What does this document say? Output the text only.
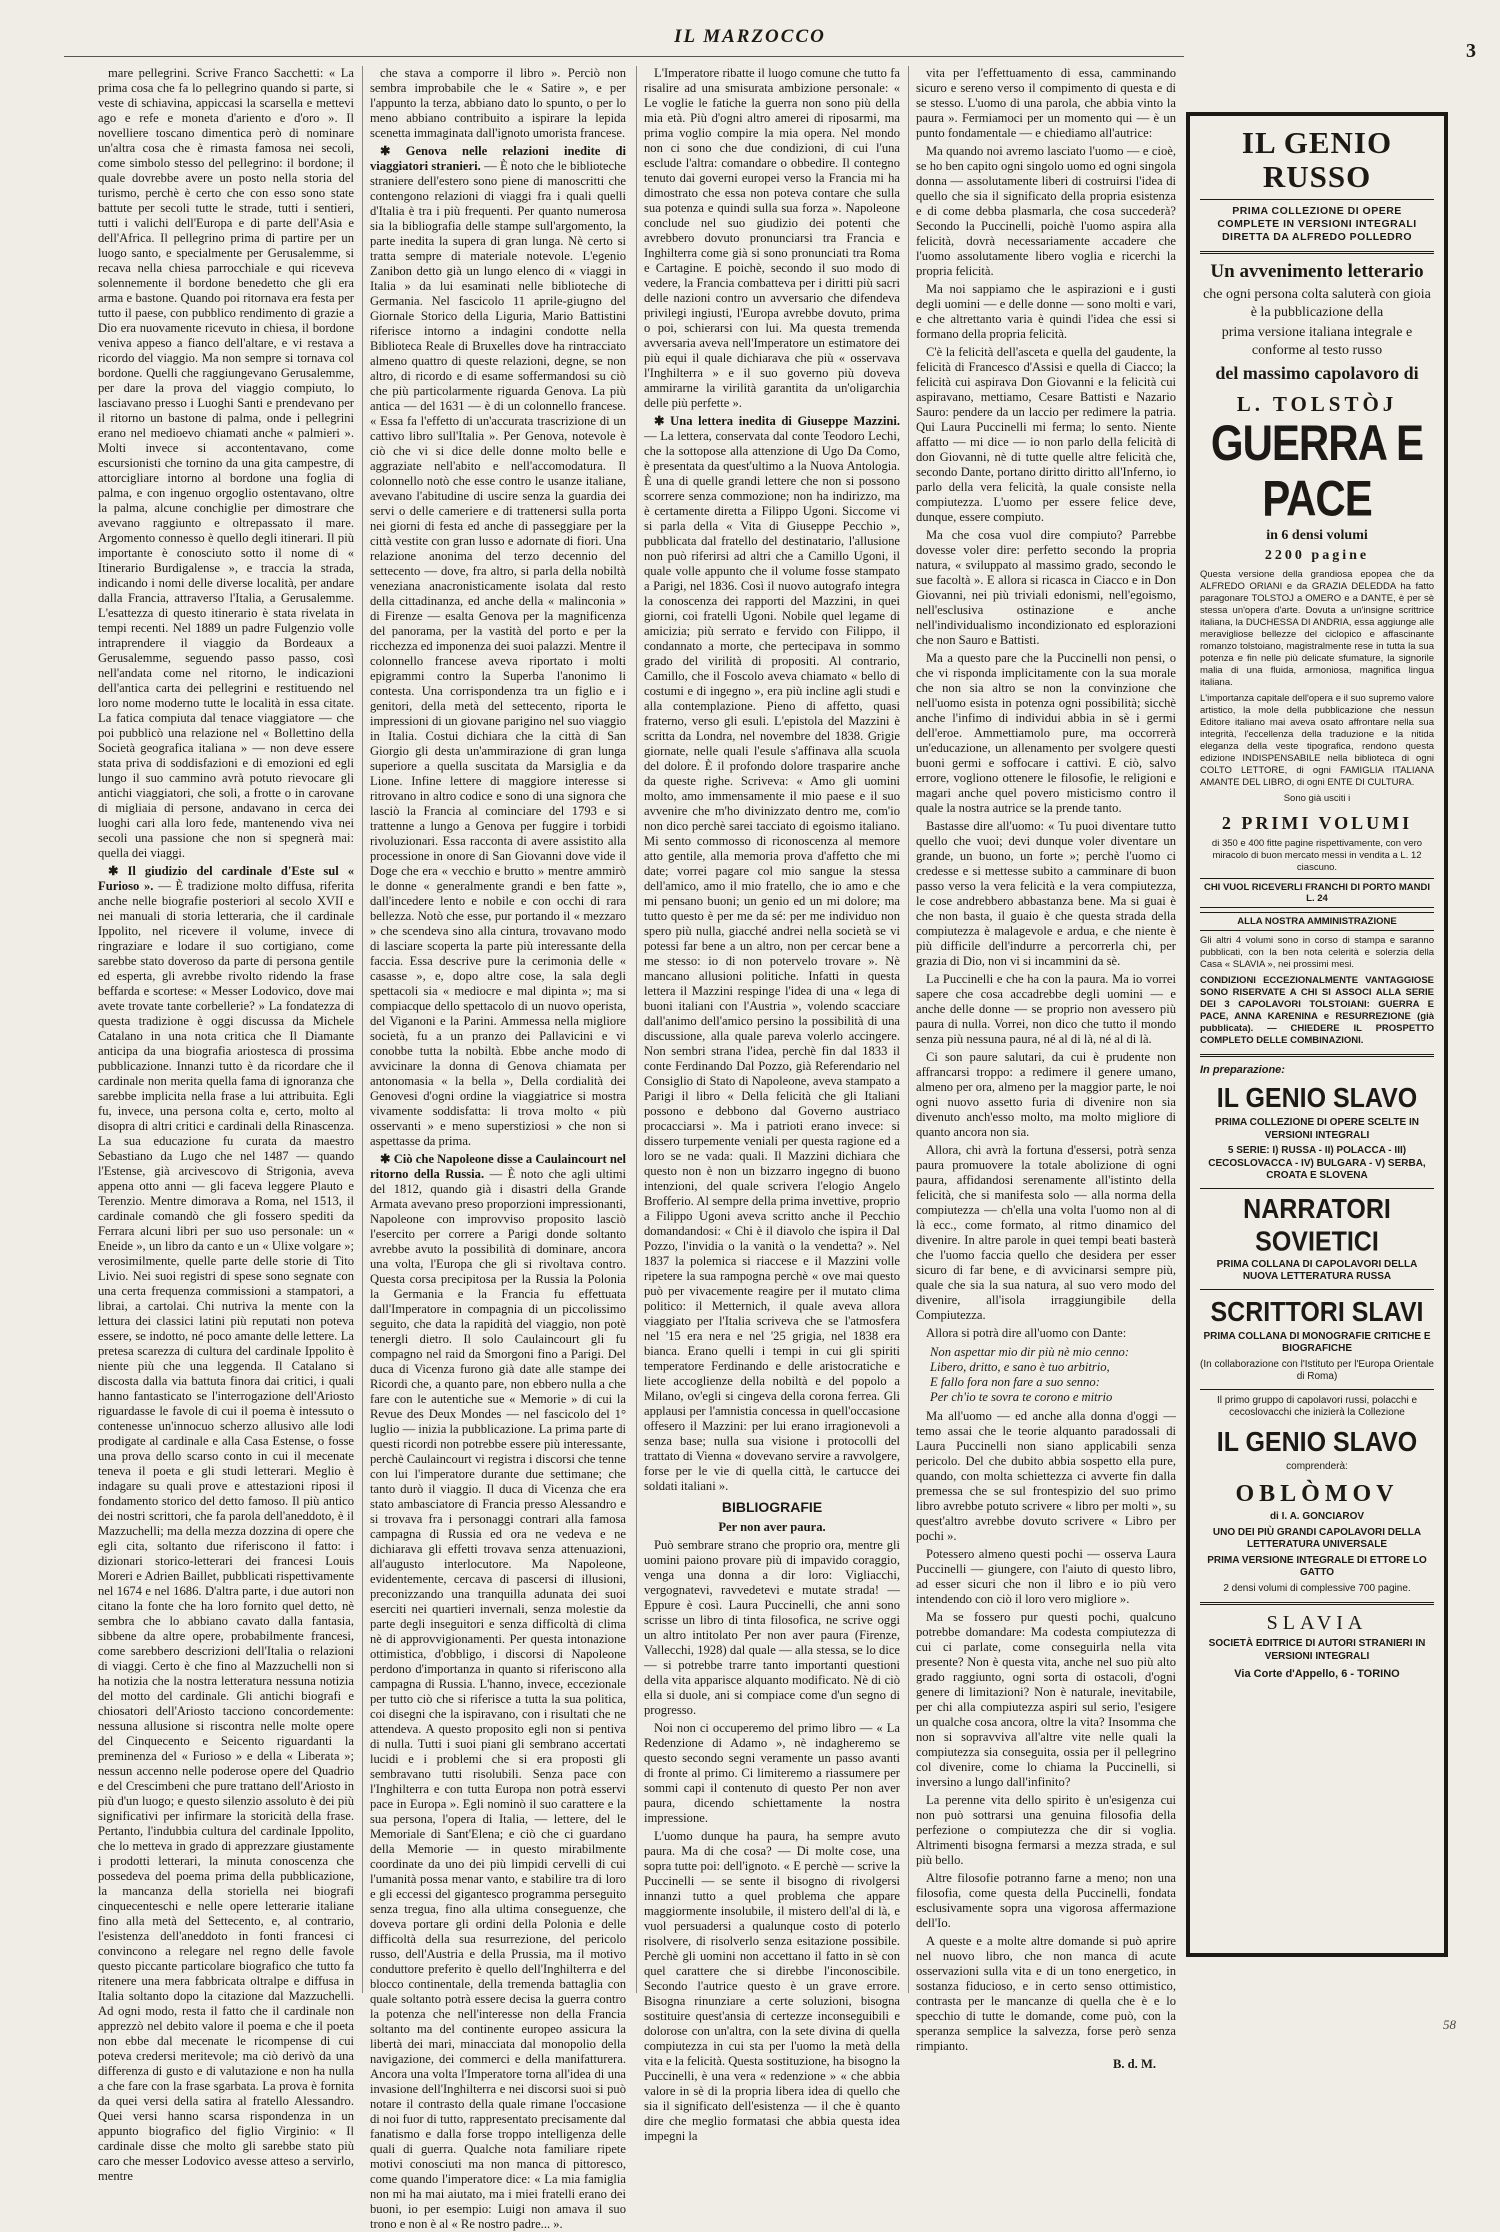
IL MARZOCCO
3

mare pellegrini. Scrive Franco Sacchetti: « La prima cosa che fa lo pellegrino quando si parte, si veste di schiavina, appiccasi la scarsella e mettevi ago e refe e moneta d'ariento e d'oro ». Il novelliere toscano dimentica però di nominare un'altra cosa che è rimasta famosa nei secoli, come simbolo stesso del pellegrino: il bordone; il quale dovrebbe avere un posto nella storia del turismo, perchè è certo che con esso sono state battute per secoli tutte le strade, tutti i sentieri, tutti i valichi dell'Europa e di parte dell'Asia e dell'Africa. Il pellegrino prima di partire per un luogo santo, e specialmente per Gerusalemme, si recava nella chiesa parrocchiale e qui riceveva solennemente il bordone benedetto che gli era arma e bastone. Quando poi ritornava era festa per tutto il paese, con pubblico rendimento di grazie a Dio era nuovamente ricevuto in chiesa, il bordone veniva appeso a fianco dell'altare, e vi restava a ricordo del viaggio. Ma non sempre si tornava col bordone. Quelli che raggiungevano Gerusalemme, per dare la prova del viaggio compiuto, lo lasciavano presso i Luoghi Santi e prendevano per il ritorno un bastone di palma, onde i pellegrini erano nel medioevo chiamati anche « palmieri ». Molti invece si accontentavano, come escursionisti che tornino da una gita campestre, di attorcigliare intorno al bordone una foglia di palma, e con ingenuo orgoglio ostentavano, oltre la palma, alcune conchiglie per dimostrare che avevano raggiunto e oltrepassato il mare. Argomento connesso è quello degli itinerari. Il più importante è conosciuto sotto il nome di « Itinerario Burdigalense », e traccia la strada, indicando i nomi delle diverse località, per andare dalla Francia, attraverso l'Italia, a Gerusalemme. L'esattezza di questo itinerario è stata rivelata in tempi recenti. Nel 1889 un padre Fulgenzio volle intraprendere il viaggio da Bordeaux a Gerusalemme, seguendo passo passo, così nell'andata come nel ritorno, le indicazioni dell'antica carta dei pellegrini e restituendo nel loro nome moderno tutte le località in essa citate. La fatica compiuta dal tenace viaggiatore — che poi pubblicò una relazione nel « Bollettino della Società geografica italiana » — non deve essere stata priva di soddisfazioni e di emozioni ed egli lungo il suo cammino avrà potuto rievocare gli antichi viaggiatori, che soli, a frotte o in carovane di migliaia di persone, andavano in cerca dei luoghi cari alla loro fede, mantenendo viva nei secoli una passione che non si spegnerà mai: quella dei viaggi.

✱ Il giudizio del cardinale d'Este sul « Furioso ». — È tradizione molto diffusa, riferita anche nelle biografie posteriori al secolo XVII e nei manuali di storia letteraria, che il cardinale Ippolito, nel ricevere il volume, invece di ringraziare e lodare il suo cortigiano, come sarebbe stato doveroso da parte di persona gentile ed esperta, gli avrebbe rivolto ridendo la frase beffarda e scortese: « Messer Lodovico, dove mai avete trovate tante corbellerie? » La fondatezza di questa tradizione è oggi discussa da Michele Catalano in una nota critica che Il Diamante anticipa da una biografia ariostesca di prossima pubblicazione. Innanzi tutto è da ricordare che il cardinale non merita quella fama di ignoranza che sarebbe implicita nella frase a lui attribuita. Egli fu, invece, una persona colta e, certo, molto al disopra di altri critici e cardinali della Rinascenza. La sua educazione fu curata da maestro Sebastiano da Lugo che nel 1487 — quando l'Estense, già arcivescovo di Strigonia, aveva appena otto anni — gli faceva leggere Plauto e Terenzio. Mentre dimorava a Roma, nel 1513, il cardinale comandò che gli fossero spediti da Ferrara alcuni libri per suo uso personale: un « Eneide », un libro da canto e un « Ulixe volgare »; verosimilmente, quelle parte delle storie di Tito Livio. Nei suoi registri di spese sono segnate con una certa frequenza commissioni a stampatori, a librai, a cartolai. Chi nutriva la mente con la lettura dei classici latini più reputati non poteva essere, se indotto, né poco amante delle lettere. La pretesa scarezza di cultura del cardinale Ippolito è niente più che una leggenda. Il Catalano si discosta dalla via battuta finora dai critici, i quali hanno fantasticato se l'interrogazione dell'Ariosto riguardasse le favole di cui il poema è intessuto o contenesse un'innocuo scherzo allusivo alle lodi prodigate al cardinale e alla Casa Estense, o fosse una prova dello scarso conto in cui il mecenate teneva il poeta e gli studi letterari. Meglio è indagare su quali prove e attestazioni riposi il fondamento storico del detto famoso. Il più antico dei nostri scrittori, che fa parola dell'aneddoto, è il Mazzuchelli; ma della mezza dozzina di opere che egli cita, soltanto due riferiscono il fatto: i dizionari storico-letterari dei francesi Louis Moreri e Adrien Baillet, pubblicati rispettivamente nel 1674 e nel 1686. D'altra parte, i due autori non citano la fonte che ha loro fornito quel detto, nè sembra che lo abbiano cavato dalla fantasia, sibbene da altre opere, probabilmente francesi, come sarebbero descrizioni dell'Italia o relazioni di viaggi. Certo è che fino al Mazzuchelli non si ha notizia che la nostra letteratura nessuna notizia del motto del cardinale. Gli antichi biografi e chiosatori dell'Ariosto tacciono concordemente: nessuna allusione si riscontra nelle molte opere del Cinquecento e Seicento riguardanti la preminenza del « Furioso » e della « Liberata »; nessun accenno nelle poderose opere del Quadrio e del Crescimbeni che pure trattano dell'Ariosto in più d'un luogo; e questo silenzio assoluto è dei più significativi per infirmare la storicità della frase. Pertanto, l'indubbia cultura del cardinale Ippolito, che lo metteva in grado di apprezzare giustamente i prodotti letterari, la minuta conoscenza che possedeva del poema prima della pubblicazione, la mancanza della storiella nei biografi cinquecenteschi e nelle opere letterarie italiane fino alla metà del Settecento, e, al contrario, l'esistenza dell'aneddoto in fonti francesi ci convincono a relegare nel regno delle favole questo piccante particolare biografico che tutto fa ritenere una mera fabbricata oltralpe e diffusa in Italia soltanto dopo la citazione dal Mazzuchelli. Ad ogni modo, resta il fatto che il cardinale non apprezzò nel debito valore il poema e che il poeta non ebbe dal mecenate le ricompense di cui poteva credersi meritevole; ma ciò derivò da una differenza di gusto e di valutazione e non ha nulla a che fare con la frase sgarbata. La prova è fornita da quei versi della satira al fratello Alessandro. Quei versi hanno scarsa rispondenza in un appunto biografico del figlio Virginio: « Il cardinale disse che molto gli sarebbe stato più caro che messer Lodovico avesse atteso a servirlo, mentre

che stava a comporre il libro ». Perciò non sembra improbabile che le « Satire », e per l'appunto la terza, abbiano dato lo spunto, o per lo meno abbiano contribuito a ispirare la lepida scenetta immaginata dall'ignoto umorista francese.

✱ Genova nelle relazioni inedite di viaggiatori stranieri. — È noto che le biblioteche straniere dell'estero sono piene di manoscritti che contengono relazioni di viaggi fra i quali quelli d'Italia è tra i più frequenti. Per quanto numerosa sia la bibliografia delle stampe sull'argomento, la parte inedita la supera di gran lunga. Nè certo si tratta sempre di materiale notevole. L'egenio Zanibon detto già un lungo elenco di « viaggi in Italia » da lui esaminati nelle biblioteche di Germania. Nel fascicolo 11 aprile-giugno del Giornale Storico della Liguria, Mario Battistini riferisce intorno a indagini condotte nella Biblioteca Reale di Bruxelles dove ha rintracciato almeno quattro di queste relazioni, degne, se non altro, di ricordo e di esame soffermandosi su ciò che più particolarmente riguarda Genova. La più antica — del 1631 — è di un colonnello francese. « Essa fa l'effetto di un'accurata trascrizione di un cattivo libro sull'Italia ». Per Genova, notevole è ciò che vi si dice delle donne molto belle e aggraziate nell'abito e nell'accomodatura. Il colonnello notò che esse contro le usanze italiane, avevano l'abitudine di uscire senza la guardia dei servi o delle cameriere e di trattenersi sulla porta nei giorni di festa ed anche di passeggiare per la città vestite con gran lusso e adornate di fiori. Una relazione anonima del terzo decennio del settecento — dove, fra altro, si parla della nobiltà veneziana anacronisticamente isolata dal resto della cittadinanza, ed anche della « malinconia » di Firenze — esalta Genova per la magnificenza del panorama, per la vastità del porto e per la ricchezza ed imponenza dei suoi palazzi. Mentre il colonnello francese aveva riportato i molti epigrammi contro la Superba l'anonimo li contesta. Una corrispondenza tra un figlio e i genitori, della metà del settecento, riporta le impressioni di un giovane parigino nel suo viaggio in Italia. Costui dichiara che la città di San Giorgio gli desta un'ammirazione di gran lunga superiore a quella suscitata da Marsiglia e da Lione. Infine lettere di maggiore interesse si ritrovano in altro codice e sono di una signora che lasciò la Francia al cominciare del 1793 e si trattenne a lungo a Genova per fuggire i torbidi rivoluzionari. Essa racconta di avere assistito alla processione in onore di San Giovanni dove vide il Doge che era « vecchio e brutto » mentre ammirò le donne « generalmente grandi e ben fatte », dall'incedere lento e nobile e con occhi di rara bellezza. Notò che esse, pur portando il « mezzaro » che scendeva sino alla cintura, trovavano modo di lasciare scoperta la parte più interessante della faccia. Essa descrive pure la cerimonia delle « casasse », e, dopo altre cose, la sala degli spettacoli sia « mediocre e mal dipinta »; ma si compiacque dello spettacolo di un nuovo operista, del Viganoni e la Parini. Ammessa nella migliore società, fu a un pranzo dei Pallavicini e vi conobbe tutta la nobiltà. Ebbe anche modo di avvicinare la donna di Genova chiamata per antonomasia « la bella », Della cordialità dei Genovesi d'ogni ordine la viaggiatrice si mostra vivamente soddisfatta: li trova molto « più osservanti » e meno superstiziosi » che non si aspettasse da prima.

✱ Ciò che Napoleone disse a Caulaincourt nel ritorno della Russia. — È noto che agli ultimi del 1812, quando già i disastri della Grande Armata avevano preso proporzioni impressionanti, Napoleone con improvviso proposito lasciò l'esercito per correre a Parigi donde soltanto avrebbe avuto la possibilità di dominare, ancora una volta, l'Europa che gli si rivoltava contro. Questa corsa precipitosa per la Russia la Polonia la Germania e la Francia fu effettuata dall'Imperatore in compagnia di un piccolissimo seguito, che data la rapidità del viaggio, non potè tenergli dietro. Il solo Caulaincourt gli fu compagno nel raid da Smorgoni fino a Parigi. Del duca di Vicenza furono già date alle stampe dei Ricordi che, a quanto pare, non ebbero nulla a che fare con le autentiche sue « Memorie » di cui la Revue des Deux Mondes — nel fascicolo del 1° luglio — inizia la pubblicazione. La prima parte di questi ricordi non potrebbe essere più interessante, perchè Caulaincourt vi registra i discorsi che tenne con lui l'imperatore durante due settimane; che tanto durò il viaggio. Il duca di Vicenza che era stato ambasciatore di Francia presso Alessandro e si trovava fra i personaggi contrari alla famosa campagna di Russia ed ora ne vedeva e ne dichiarava gli effetti trovava senza attenuazioni, all'augusto interlocutore. Ma Napoleone, evidentemente, cercava di pascersi di illusioni, preconizzando una tranquilla adunata dei suoi eserciti nei quartieri invernali, senza molestie da parte degli inseguitori e senza difficoltà di clima nè di approvvigionamenti. Per questa intonazione ottimistica, d'obbligo, i discorsi di Napoleone perdono d'importanza in quanto si riferiscono alla campagna di Russia. L'hanno, invece, eccezionale per tutto ciò che si riferisce a tutta la sua politica, coi disegni che la ispiravano, con i risultati che ne attendeva. A questo proposito egli non si pentiva di nulla. Tutti i suoi piani gli sembrano accertati lucidi e i problemi che si era proposti gli sembravano tutti risolubili. Senza pace con l'Inghilterra e con tutta Europa non potrà esservi pace in Europa ». Egli nominò il suo carattere e la sua persona, l'opera di Italia, — lettere, del le Memoriale di Sant'Elena; e ciò che ci guardano della Memorie — in questo mirabilmente coordinate da uno dei più limpidi cervelli di cui l'umanità possa menar vanto, e stabilire tra di loro e gli eccessi del gigantesco programma perseguito senza tregua, fino alla ultima conseguenze, che doveva portare gli ordini della Polonia e delle difficoltà della sua resurrezione, del pericolo russo, dell'Austria e della Prussia, ma il motivo conduttore preferito è quello dell'Inghilterra e del blocco continentale, della tremenda battaglia con quale soltanto potrà essere decisa la guerra contro la potenza che nell'interesse non della Francia soltanto ma del continente europeo assicura la libertà dei mari, minacciata dal monopolio della navigazione, dei commerci e della manifatturera. Ancora una volta l'Imperatore torna all'idea di una invasione dell'Inghilterra e nei discorsi suoi si può notare il contrasto della quale rimane l'occasione di noi fuor di tutto, rappresentato precisamente dal fanatismo e dalla forse troppo intelligenza delle quali di guerra. Qualche nota familiare ripete motivi conosciuti ma non manca di pittoresco, come quando l'imperatore dice: « La mia famiglia non mi ha mai aiutato, ma i miei fratelli erano dei buoni, io per esempio: Luigi non amava il suo trono e non è al « Re nostro padre... ».

L'Imperatore ribatte il luogo comune che tutto fa risalire ad una smisurata ambizione personale: « Le voglie le fatiche la guerra non sono più della mia età. Più d'ogni altro amerei di riposarmi, ma prima voglio compire la mia opera. Nel mondo non ci sono che due condizioni, di cui l'una esclude l'altra: comandare o obbedire. Il contegno tenuto dai governi europei verso la Francia mi ha dimostrato che essa non poteva contare che sulla sua potenza e quindi sulla sua forza ». Napoleone conclude nel suo giudizio dei potenti che avrebbero dovuto pronunciarsi tra Francia e Inghilterra come già si sono pronunciati tra Roma e Cartagine. E poichè, secondo il suo modo di vedere, la Francia combatteva per i diritti più sacri delle nazioni contro un avversario che difendeva privilegi ingiusti, l'Europa avrebbe dovuto, prima o poi, schierarsi con lui. Ma questa tremenda avversaria aveva nell'Imperatore un estimatore dei più equi il quale dichiarava che più « osservava l'Inghilterra » e il suo governo più doveva ammirarne la virilità garantita da un'oligarchia delle più perfette ».

✱ Una lettera inedita di Giuseppe Mazzini. — La lettera, conservata dal conte Teodoro Lechi, che la sottopose alla attenzione di Ugo Da Como, è presentata da quest'ultimo a la Nuova Antologia. È una di quelle grandi lettere che non si possono scorrere senza commozione; non ha indirizzo, ma è certamente diretta a Filippo Ugoni. Siccome vi si parla della « Vita di Giuseppe Pecchio », pubblicata dal fratello del destinatario, l'allusione non può riferirsi ad altri che a Camillo Ugoni, il quale volle appunto che il volume fosse stampato a Parigi, nel 1836. Così il nuovo autografo integra la conoscenza dei rapporti del Mazzini, in quei giorni, coi fratelli Ugoni. Nobile quel legame di amicizia; più serrato e fervido con Filippo, il condannato a morte, che pertecipava in sommo grado del virilità di propositi. Al contrario, Camillo, che il Foscolo aveva chiamato « bello di costumi e di ingegno », era più incline agli studi e alla contemplazione. Pieno di affetto, quasi fraterno, verso gli esuli. L'epistola del Mazzini è scritta da Londra, nel novembre del 1838. Grigie giornate, nelle quali l'esule s'affinava alla scuola del dolore. È il profondo dolore trasparire anche da queste righe. Scriveva: « Amo gli uomini molto, amo immensamente il mio paese e il suo avvenire che m'ho divinizzato dentro me, com'io non dico perchè sarei tacciato di egoismo italiano. Mi sento commosso di riconoscenza al memore atto gentile, alla memoria prova d'affetto che mi date; vorrei pagare col mio sangue la stessa dell'amico, amo il mio fratello, che io amo e che mi pensano buoni; un genio ed un mi dolore; ma tutto questo è per me da sé: per me individuo non spero più nulla, giacché andrei nella società se vi potessi far bene a un altro, non per cercar bene a me stesso: io di non potervelo trovare ». Nè mancano allusioni politiche. Infatti in questa lettera il Mazzini respinge l'idea di una « lega di buoni italiani con l'Austria », volendo scacciare dall'animo dell'amico persino la possibilità di una discussione, alla quale pareva volerlo accingere. Non sembri strana l'idea, perchè fin dal 1833 il conte Ferdinando Dal Pozzo, già Referendario nel Consiglio di Stato di Napoleone, aveva stampato a Parigi il libro « Della felicità che gli Italiani possono e debbono dal Governo austriaco procacciarsi ». Ma i patrioti erano invece: si dissero turpemente veniali per questa ragione ed a loro se ne vada: quali. Il Mazzini dichiara che questo non è non un bizzarro ingegno di buono intenzioni, del quale scrivera l'elogio Angelo Brofferio. Al sempre della prima invettive, proprio a Filippo Ugoni aveva scritto anche il Pecchio domandandosi: « Chi è il diavolo che ispira il Dal Pozzo, l'invidia o la vanità o la vendetta? ». Nel 1837 la polemica si riaccese e il Mazzini volle ripetere la sua rampogna perchè « ove mai questo può per vivacemente reagire per il mutato clima politico: il Metternich, il quale aveva allora viaggiato per l'Italia scriveva che se l'atmosfera nel '15 era nera e nel '25 grigia, nel 1838 era bianca. Erano quelli i tempi in cui gli spiriti temperatore Ferdinando e delle aristocratiche e liete accoglienze della nobiltà e del popolo a Milano, ov'egli si cingeva della corona ferrea. Gli applausi per l'amnistia concessa in quell'occasione offesero il Mazzini: per lui erano irragionevoli a senza base; nulla sua visione i protocolli del trattato di Vienna « dovevano servire a ravvolgere, forse per le vie di quella città, le cartucce dei soldati italiani ».

BIBLIOGRAFIE
Per non aver paura.

Può sembrare strano che proprio ora, mentre gli uomini paiono provare più di impavido coraggio, venga una donna a dir loro: Vigliacchi, vergognatevi, ravvedetevi e mutate strada! — Eppure è così. Laura Puccinelli, che anni sono scrisse un libro di tinta filosofica, ne scrive oggi un altro intitolato Per non aver paura (Firenze, Vallecchi, 1928) dal quale — alla stessa, se lo dice — si potrebbe trarre tanto importanti questioni della vita apparisce alquanto modificato. Nè di ciò ella si duole, ani si compiace come d'un segno di progresso.

Noi non ci occuperemo del primo libro — « La Redenzione di Adamo », nè indagheremo se questo secondo segni veramente un passo avanti di fronte al primo. Ci limiteremo a riassumere per sommi capi il contenuto di questo Per non aver paura, dicendo schiettamente la nostra impressione.

L'uomo dunque ha paura, ha sempre avuto paura. Ma di che cosa? — Di molte cose, una sopra tutte poi: dell'ignoto. « E perchè — scrive la Puccinelli — se sente il bisogno di rivolgersi innanzi tutto a quel problema che appare maggiormente insolubile, il mistero dell'al di là, e vuol persuadersi a qualunque costo di poterlo risolvere, di risolverlo senza esitazione possibile. Perchè gli uomini non accettano il fatto in sè con quel carattere che si direbbe l'inconoscibile. Secondo l'autrice questo è un grave errore. Bisogna rinunziare a certe soluzioni, bisogna sostituire quest'ansia di certezze inconseguibili e dolorose con un'altra, con la sete divina di quella compiutezza in cui sta per l'uomo la metà della vita e la felicità. Questa sostituzione, ha bisogno la Puccinelli, è una vera « redenzione » « che abbia valore in sè di la propria libera idea di quello che sia il significato dell'esistenza — il che è quanto dire che meglio formatasi che abbia questa idea impegni la

vita per l'effettuamento di essa, camminando sicuro e sereno verso il compimento di questa e di se stesso. L'uomo di una parola, che abbia vinto la paura ». Fermiamoci per un momento qui — è un punto fondamentale — e chiediamo all'autrice:

Ma quando noi avremo lasciato l'uomo — e cioè, se ho ben capito ogni singolo uomo ed ogni singola donna — assolutamente liberi di costruirsi l'idea di quello che sia il significato della propria esistenza e di come debba plasmarla, che cosa succederà? Secondo la Puccinelli, poichè l'uomo aspira alla felicità, dovrà necessariamente accadere che l'uomo assolutamente libero voglia e ricerchi la propria felicità.

Ma noi sappiamo che le aspirazioni e i gusti degli uomini — e delle donne — sono molti e vari, e che altrettanto varia è quindi l'idea che essi si formano della propria felicità.

C'è la felicità dell'asceta e quella del gaudente, la felicità di Francesco d'Assisi e quella di Ciacco; la felicità cui aspirava Don Giovanni e la felicità cui aspiravano, mettiamo, Cesare Battisti e Nazario Sauro: pendere da un laccio per redimere la patria. Qui Laura Puccinelli mi ferma; lo sento. Niente affatto — mi dice — io non parlo della felicità di don Giovanni, nè di tutte quelle altre felicità che, secondo Dante, portano diritto diritto all'Inferno, io parlo della vera felicità, la quale consiste nella compiutezza. L'uomo per essere felice deve, dunque, essere compiuto.

Ma che cosa vuol dire compiuto? Parrebbe dovesse voler dire: perfetto secondo la propria natura, « sviluppato al massimo grado, secondo le sue facoltà ». E allora si ricasca in Ciacco e in Don Giovanni, nei più triviali edonismi, nell'egoismo, nell'esclusiva ostinazione e anche nell'individualismo incondizionato ed esplorazioni che non Sauro e Battisti.

Ma a questo pare che la Puccinelli non pensi, o che vi risponda implicitamente con la sua morale che non sia altro se non la convinzione che nell'uomo esista in potenza ogni possibilità; sicchè anche l'infimo di individui abbia in sè i germi dell'eroe. Ammettiamolo pure, ma occorrerà un'educazione, un allenamento per svolgere questi buoni germi e soffocare i cattivi. E ciò, salvo errore, vogliono ottenere le filosofie, le religioni e magari anche quel povero misticismo contro il quale la nostra autrice se la prende tanto.

Bastasse dire all'uomo: « Tu puoi diventare tutto quello che vuoi; devi dunque voler diventare un grande, un buono, un forte »; perchè l'uomo ci credesse e si mettesse subito a camminare di buon passo verso la vera felicità e la vera compiutezza, le cose andrebbero abbastanza bene. Ma si guai è che non basta, il guaio è che questa strada della compiutezza è malagevole e ardua, e che niente è più difficile dell'indurre a percorrerla chi, per grazia di Dio, non vi si incammini da sè.

La Puccinelli e che ha con la paura. Ma io vorrei sapere che cosa accadrebbe degli uomini — e anche delle donne — se proprio non avessero più paura di nulla. Vorrei, non dico che tutto il mondo senza più nessuna paura, né al di là, né al di là.

Ci son paure salutari, da cui è prudente non affrancarsi troppo: a redimere il genere umano, almeno per ora, almeno per la maggior parte, le noi ogni nuovo assetto furia di divenire non sia divenuto anch'esso molto, ma molto migliore di quanto ancora non sia.

Allora, chi avrà la fortuna d'essersi, potrà senza paura promuovere la totale abolizione di ogni paura, affidandosi serenamente all'istinto della felicità, che si manifesta solo — alla norma della compiutezza — ch'ella una volta l'uomo non al di là ecc., come formato, al ritmo dinamico del divenire. In altre parole in quei tempi beati basterà che l'uomo faccia quello che desidera per esser sicuro di far bene, e di avvicinarsi sempre più, quale che sia la sua natura, al suo vero modo del divenire, all'isola irraggiungibile della Compiutezza.

Allora si potrà dire all'uomo con Dante:

Non aspettar mio dir più nè mio cenno:
Libero, dritto, e sano è tuo arbitrio,
E fallo fora non fare a suo senno:
Per ch'io te sovra te corono e mitrio

Ma all'uomo — ed anche alla donna d'oggi — temo assai che le teorie alquanto paradossali di Laura Puccinelli non siano applicabili senza pericolo. Del che dubito abbia sospetto ella pure, quando, con molta schiettezza ci avverte fin dalla premessa che se sul frontespizio del suo primo libro avrebbe potuto scrivere « libro per molti », su quest'altro avrebbe dovuto scrivere « Libro per pochi ».

Potessero almeno questi pochi — osserva Laura Puccinelli — giungere, con l'aiuto di questo libro, ad esser sicuri che non il libro e io più vero intendendo con ciò il loro vero migliore ».

Ma se fossero pur questi pochi, qualcuno potrebbe domandare: Ma codesta compiutezza di cui ci parlate, come conseguirla nella vita presente? Non è questa vita, anche nel suo più alto grado raggiunto, ogni sorta di ostacoli, d'ogni genere di limitazioni? Non è naturale, inevitabile, per chi alla compiutezza aspiri sul serio, l'esigere un qualche cosa ancora, oltre la vita? Insomma che non si sopravviva all'altre vite nelle quali la compiutezza sia conseguita, ossia per il pellegrino col divenire, come lo chiama la Puccinelli, si inversino a lungo dall'infinito?

La perenne vita dello spirito è un'esigenza cui non può sottrarsi una genuina filosofia della perfezione o compiutezza che dir si voglia. Altrimenti bisogna fermarsi a mezza strada, e sul più bello.

Altre filosofie potranno farne a meno; non una filosofia, come questa della Puccinelli, fondata esclusivamente sopra una vigorosa affermazione dell'Io.

A queste e a molte altre domande si può aprire nel nuovo libro, che non manca di acute osservazioni sulla vita e di un tono energetico, in sostanza fiducioso, e in certo senso ottimistico, contrasta per le mancanze di quella che è e lo specchio di tutte le domande, come può, con la speranza semplice la salvezza, forse però senza rimpianto.

B. d. M.
IL GENIO RUSSO
PRIMA COLLEZIONE DI OPERE COMPLETE IN VERSIONI INTEGRALI DIRETTA DA ALFREDO POLLEDRO
Un avvenimento letterario
che ogni persona colta saluterà con gioia è la pubblicazione della
prima versione italiana integrale e conforme al testo russo
del massimo capolavoro di
L. TOLSTÒJ
GUERRA E PACE
in 6 densi volumi
2200 pagine
Questa versione della grandiosa epopea che da ALFREDO ORIANI e da GRAZIA DELEDDA ha fatto paragonare TOLSTOJ a OMERO e a DANTE, è per sè stessa un'opera d'arte. Dovuta a un'insigne scrittrice italiana, la DUCHESSA DI ANDRIA, essa aggiunge alle meravigliose bellezze del ciclopico e affascinante romanzo tolstoiano, magistralmente rese in tutta la sua potenza e fin nelle più delicate sfumature, la signorile malia di una fluida, armoniosa, magnifica lingua italiana.
L'importanza capitale dell'opera e il suo supremo valore artistico, la mole della pubblicazione che nessun Editore italiano mai aveva osato affrontare nella sua integrità, l'eccellenza della traduzione e la nitida eleganza della veste tipografica, rendono questa edizione INDISPENSABILE nella biblioteca di ogni COLTO LETTORE, di ogni FAMIGLIA ITALIANA AMANTE DEL LIBRO, di ogni ENTE DI CULTURA.
Sono già usciti i
2 PRIMI VOLUMI
di 350 e 400 fitte pagine rispettivamente, con vero miracolo di buon mercato messi in vendita a L. 12 ciascuno.
CHI VUOL RICEVERLI FRANCHI DI PORTO MANDI L. 24
ALLA NOSTRA AMMINISTRAZIONE
Gli altri 4 volumi sono in corso di stampa e saranno pubblicati, con la ben nota celerità e solerzia della Casa « SLAVIA », nei prossimi mesi.
CONDIZIONI ECCEZIONALMENTE VANTAGGIOSE SONO RISERVATE A CHI SI ASSOCI ALLA SERIE DEI 3 CAPOLAVORI TOLSTOIANI: GUERRA E PACE, ANNA KARENINA e RESURREZIONE (già pubblicata). — CHIEDERE IL PROSPETTO COMPLETO DELLE COMBINAZIONI.
In preparazione:
IL GENIO SLAVO
PRIMA COLLEZIONE DI OPERE SCELTE IN VERSIONI INTEGRALI
5 SERIE: I) RUSSA - II) POLACCA - III) CECOSLOVACCA - IV) BULGARA - V) SERBA, CROATA E SLOVENA
NARRATORI SOVIETICI
PRIMA COLLANA DI CAPOLAVORI DELLA NUOVA LETTERATURA RUSSA
SCRITTORI SLAVI
PRIMA COLLANA DI MONOGRAFIE CRITICHE E BIOGRAFICHE
(In collaborazione con l'Istituto per l'Europa Orientale di Roma)
Il primo gruppo di capolavori russi, polacchi e cecoslovacchi che inizierà la Collezione
IL GENIO SLAVO
comprenderà:
OBLÒMOV
di I. A. GONCIAROV
UNO DEI PIÙ GRANDI CAPOLAVORI DELLA LETTERATURA UNIVERSALE
PRIMA VERSIONE INTEGRALE DI ETTORE LO GATTO
2 densi volumi di complessive 700 pagine.
SLAVIA
SOCIETÀ EDITRICE DI AUTORI STRANIERI IN VERSIONI INTEGRALI
Via Corte d'Appello, 6 - TORINO
58
